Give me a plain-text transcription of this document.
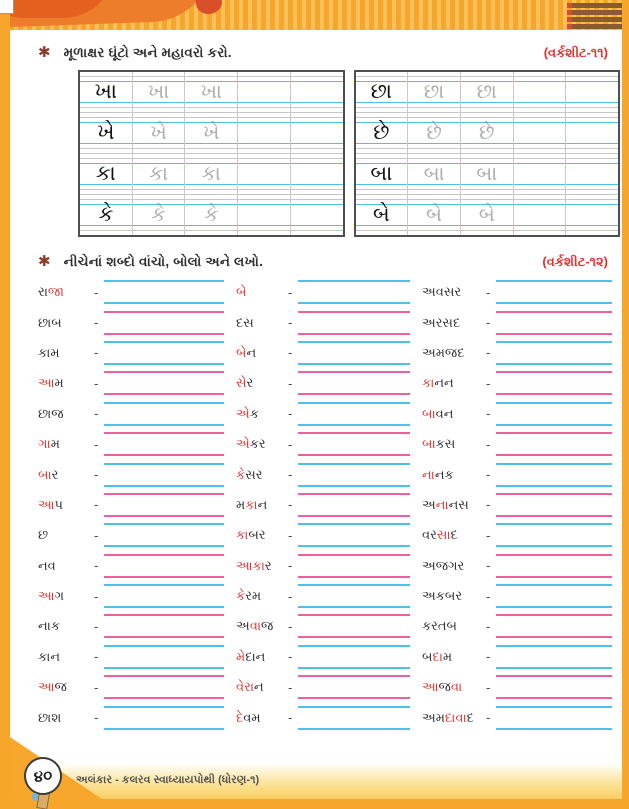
✱ મૂળાક્ષર ઘૂંટો અને મહાવરો કરો.	(વર્કશીટ-૧૧)
ખા ખા ખા
ખે ખે ખે
કા કા કા
કે કે કે
છા છા છા
છે છે છે
બા બા બા
બે બે બે
✱ નીચેનાં શબ્દો વાંચો, બોલો અને લખો.	(વર્કશીટ-૧૨)
રાજા	-
છાબ	-
કામ	-
આમ	-
છાજ	-
ગામ	-
બાર	-
આપ	-
છ	-
નવ	-
આગ	-
નાક	-
કાન	-
આજ	-
છાશ	-
બે	-
દસ	-
બેન	-
સેર	-
એક	-
એકર	-
કેસર	-
મકાન	-
કાબર	-
આકાર	-
કેરમ	-
અવાજ	-
મેદાન	-
વેરાન	-
દેવમ	-
અવસર	-
અરસદ	-
અમજદ	-
કાનન	-
બાવન	-
બાકસ	-
નાનક	-
અનાનસ	-
વરસાદ	-
અજગર	-
અકબર	-
કરતબ	-
બદામ	-
આજવા	-
અમદાવાદ -
૪૦	અલંકાર - કલરવ સ્વાધ્યાયપોથી (ધોરણ-૧)
